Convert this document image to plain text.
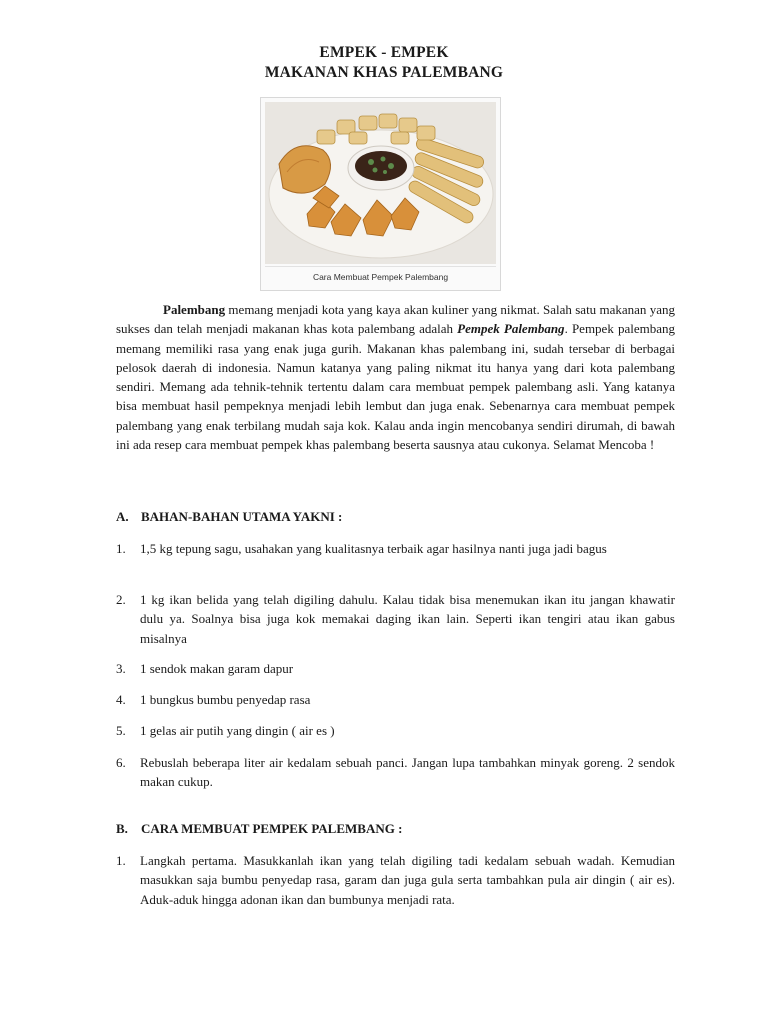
EMPEK - EMPEK
MAKANAN KHAS PALEMBANG
Cara Membuat Pempek Palembang

Palembang memang menjadi kota yang kaya akan kuliner yang nikmat. Salah satu makanan yang sukses dan telah menjadi makanan khas kota palembang adalah Pempek Palembang. Pempek palembang memang memiliki rasa yang enak juga gurih. Makanan khas palembang ini, sudah tersebar di berbagai pelosok daerah di indonesia. Namun katanya yang paling nikmat itu hanya yang dari kota palembang sendiri. Memang ada tehnik-tehnik tertentu dalam cara membuat pempek palembang asli. Yang katanya bisa membuat hasil pempeknya menjadi lebih lembut dan juga enak. Sebenarnya cara membuat pempek palembang yang enak terbilang mudah saja kok. Kalau anda ingin mencobanya sendiri dirumah, di bawah ini ada resep cara membuat pempek khas palembang beserta sausnya atau cukonya. Selamat Mencoba !

A. BAHAN-BAHAN UTAMA YAKNI :
1.	1,5 kg tepung sagu, usahakan yang kualitasnya terbaik agar hasilnya nanti juga jadi bagus
2.	1 kg ikan belida yang telah digiling dahulu. Kalau tidak bisa menemukan ikan itu jangan khawatir dulu ya. Soalnya bisa juga kok memakai daging ikan lain. Seperti ikan tengiri atau ikan gabus misalnya
3.	1 sendok makan garam dapur
4.	1 bungkus bumbu penyedap rasa
5.	1 gelas air putih yang dingin ( air es )
6.	Rebuslah beberapa liter air kedalam sebuah panci. Jangan lupa tambahkan minyak goreng. 2 sendok makan cukup.
B. CARA MEMBUAT PEMPEK PALEMBANG :
1.	Langkah pertama. Masukkanlah ikan yang telah digiling tadi kedalam sebuah wadah. Kemudian masukkan saja bumbu penyedap rasa, garam dan juga gula serta tambahkan pula air dingin ( air es). Aduk-aduk hingga adonan ikan dan bumbunya menjadi rata.
